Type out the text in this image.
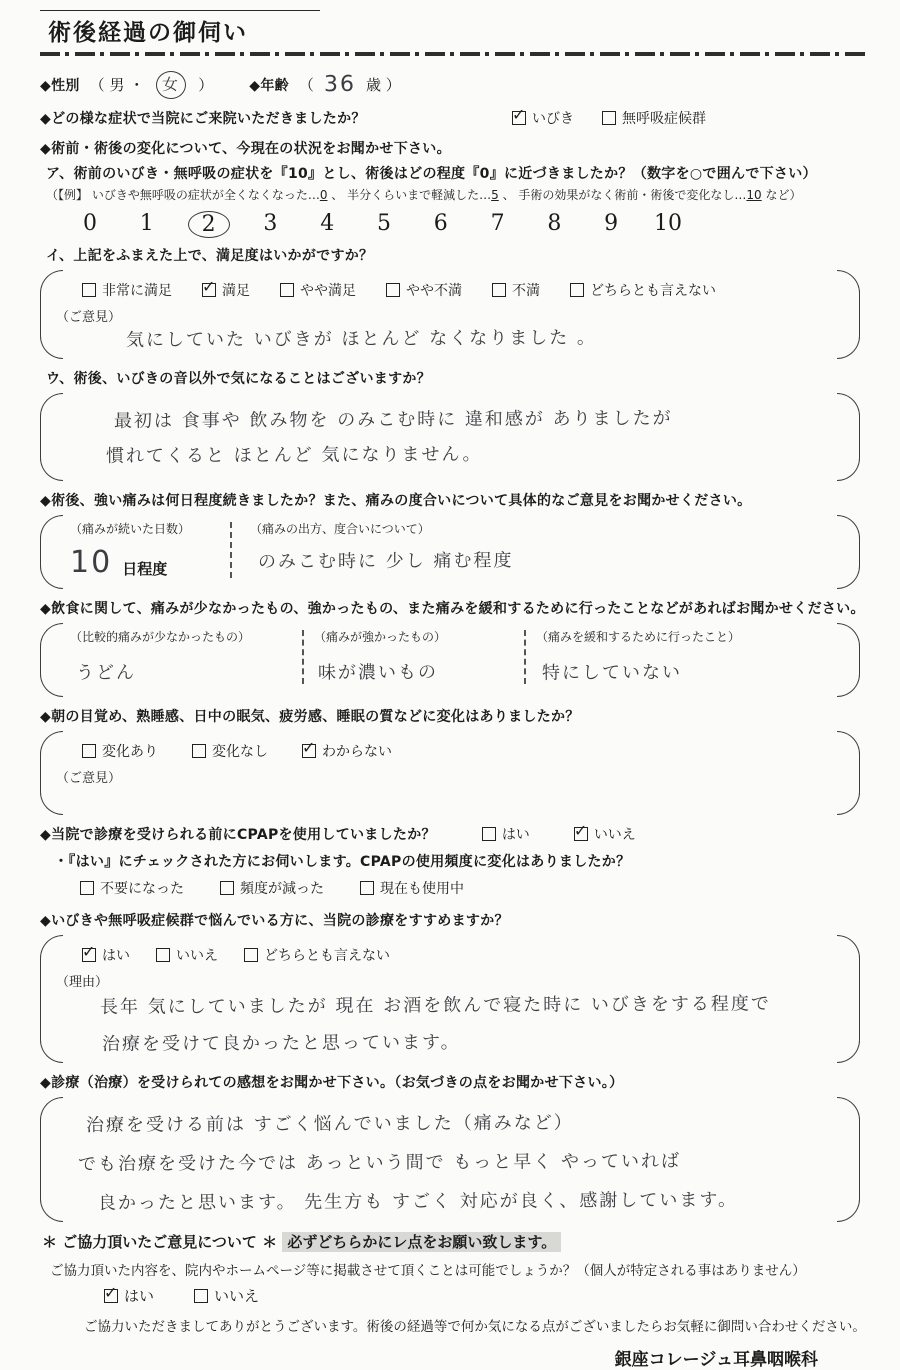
術後経過の御伺い
◆性別 （ 男 ・	女	）	◆年齢 （ 36 歳 ）
◆どの様な症状で当院にご来院いただきましたか？ ✓	いびき	無呼吸症候群
◆術前・術後の変化について、今現在の状況をお聞かせ下さい。
ア、術前のいびき・無呼吸の症状を『10』とし、術後はどの程度『0』に近づきましたか？（数字を○で囲んで下さい）
（【例】 いびきや無呼吸の症状が全くなくなった…0 、 半分くらいまで軽減した…5 、 手術の効果がなく術前・術後で変化なし…10 など）
0	1	2	3	4	5	6	7	8	9	10
イ、上記をふまえた上で、満足度はいかがですか？
非常に満足 ✓	満足	やや満足	やや不満	不満	どちらとも言えない
（ご意見）
気にしていた いびきが ほとんど なくなりました 。
ウ、術後、いびきの音以外で気になることはございますか？
最初は 食事や 飲み物を のみこむ時に 違和感が ありましたが
慣れてくると ほとんど 気になりません。
◆術後、強い痛みは何日程度続きましたか？また、痛みの度合いについて具体的なご意見をお聞かせください。
（痛みが続いた日数）
10 日程度
（痛みの出方、度合いについて）
のみこむ時に 少し 痛む程度
◆飲食に関して、痛みが少なかったもの、強かったもの、また痛みを緩和するために行ったことなどがあればお聞かせください。
（比較的痛みが少なかったもの）
うどん
（痛みが強かったもの）
味が濃いもの
（痛みを緩和するために行ったこと）
特にしていない
◆朝の目覚め、熟睡感、日中の眠気、疲労感、睡眠の質などに変化はありましたか？
変化あり	変化なし ✓	わからない
（ご意見）
◆当院で診療を受けられる前にCPAPを使用していましたか？	はい ✓	いいえ
・『はい』にチェックされた方にお伺いします。CPAPの使用頻度に変化はありましたか？
不要になった	頻度が減った	現在も使用中
◆いびきや無呼吸症候群で悩んでいる方に、当院の診療をすすめますか？
✓
はい	いいえ	どちらとも言えない
（理由）
長年 気にしていましたが 現在 お酒を飲んで寝た時に いびきをする程度で
治療を受けて良かったと思っています。
◆診療（治療）を受けられての感想をお聞かせ下さい。（お気づきの点をお聞かせ下さい。）
治療を受ける前は すごく悩んでいました（痛みなど）
でも治療を受けた今では あっという間で もっと早く やっていれば
良かったと思います。 先生方も すごく 対応が良く、感謝しています。
＊ ご協力頂いたご意見について ＊ 必ずどちらかにレ点をお願い致します。
ご協力頂いた内容を、院内やホームページ等に掲載させて頂くことは可能でしょうか？（個人が特定される事はありません）
✓
はい	いいえ
ご協力いただきましてありがとうございます。術後の経過等で何か気になる点がございましたらお気軽に御問い合わせください。
銀座コレージュ耳鼻咽喉科
